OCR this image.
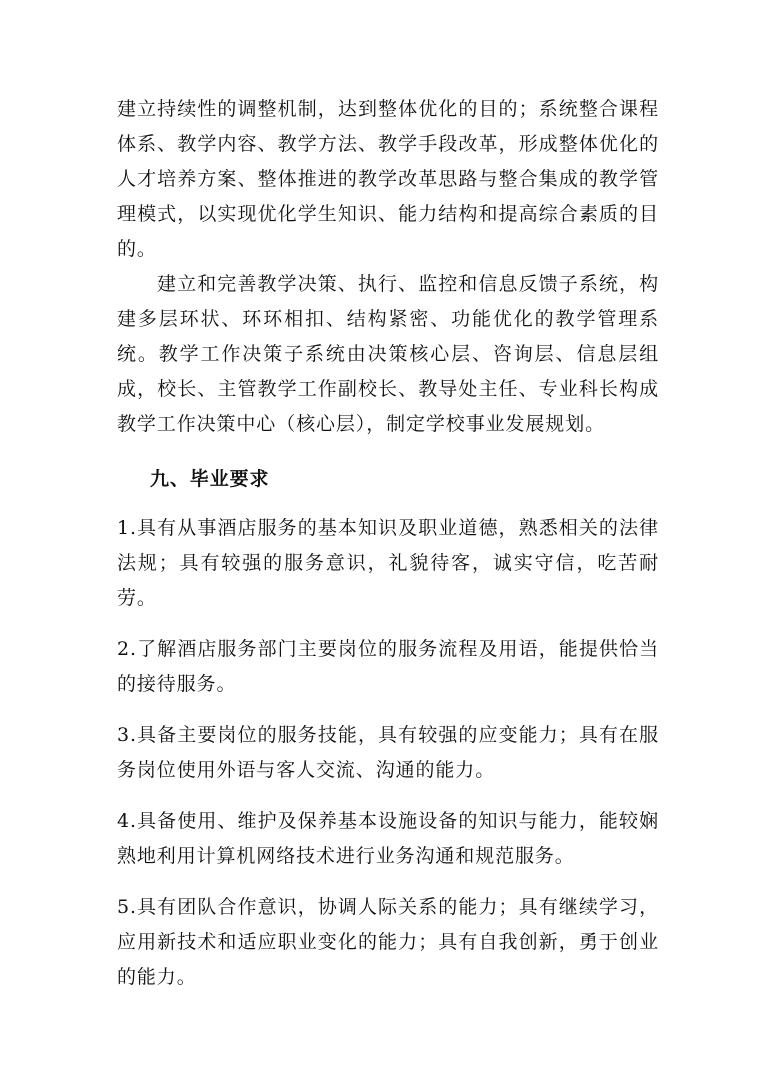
建立持续性的调整机制，达到整体优化的目的；系统整合课程体系、教学内容、教学方法、教学手段改革，形成整体优化的人才培养方案、整体推进的教学改革思路与整合集成的教学管理模式，以实现优化学生知识、能力结构和提高综合素质的目的。

建立和完善教学决策、执行、监控和信息反馈子系统，构建多层环状、环环相扣、结构紧密、功能优化的教学管理系统。教学工作决策子系统由决策核心层、咨询层、信息层组成，校长、主管教学工作副校长、教导处主任、专业科长构成教学工作决策中心（核心层），制定学校事业发展规划。

九、毕业要求

1.具有从事酒店服务的基本知识及职业道德，熟悉相关的法律法规；具有较强的服务意识，礼貌待客，诚实守信，吃苦耐劳。

2.了解酒店服务部门主要岗位的服务流程及用语，能提供恰当的接待服务。

3.具备主要岗位的服务技能，具有较强的应变能力；具有在服务岗位使用外语与客人交流、沟通的能力。

4.具备使用、维护及保养基本设施设备的知识与能力，能较娴熟地利用计算机网络技术进行业务沟通和规范服务。

5.具有团队合作意识，协调人际关系的能力；具有继续学习，应用新技术和适应职业变化的能力；具有自我创新，勇于创业的能力。
